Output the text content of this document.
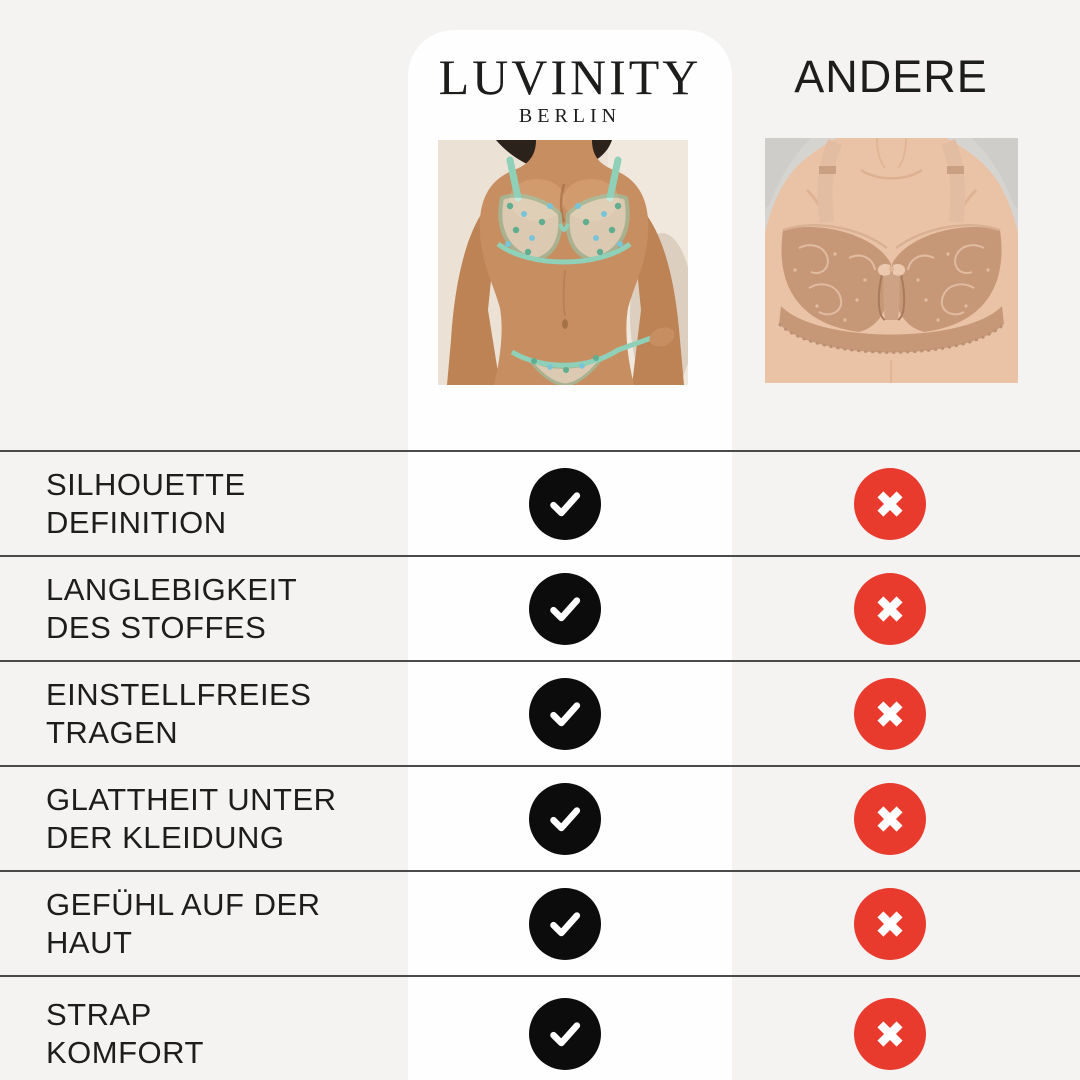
LUVINITY
BERLIN
ANDERE
SILHOUETTE
DEFINITION
LANGLEBIGKEIT
DES STOFFES
EINSTELLFREIES
TRAGEN
GLATTHEIT UNTER
DER KLEIDUNG
GEFÜHL AUF DER
HAUT
STRAP
KOMFORT
